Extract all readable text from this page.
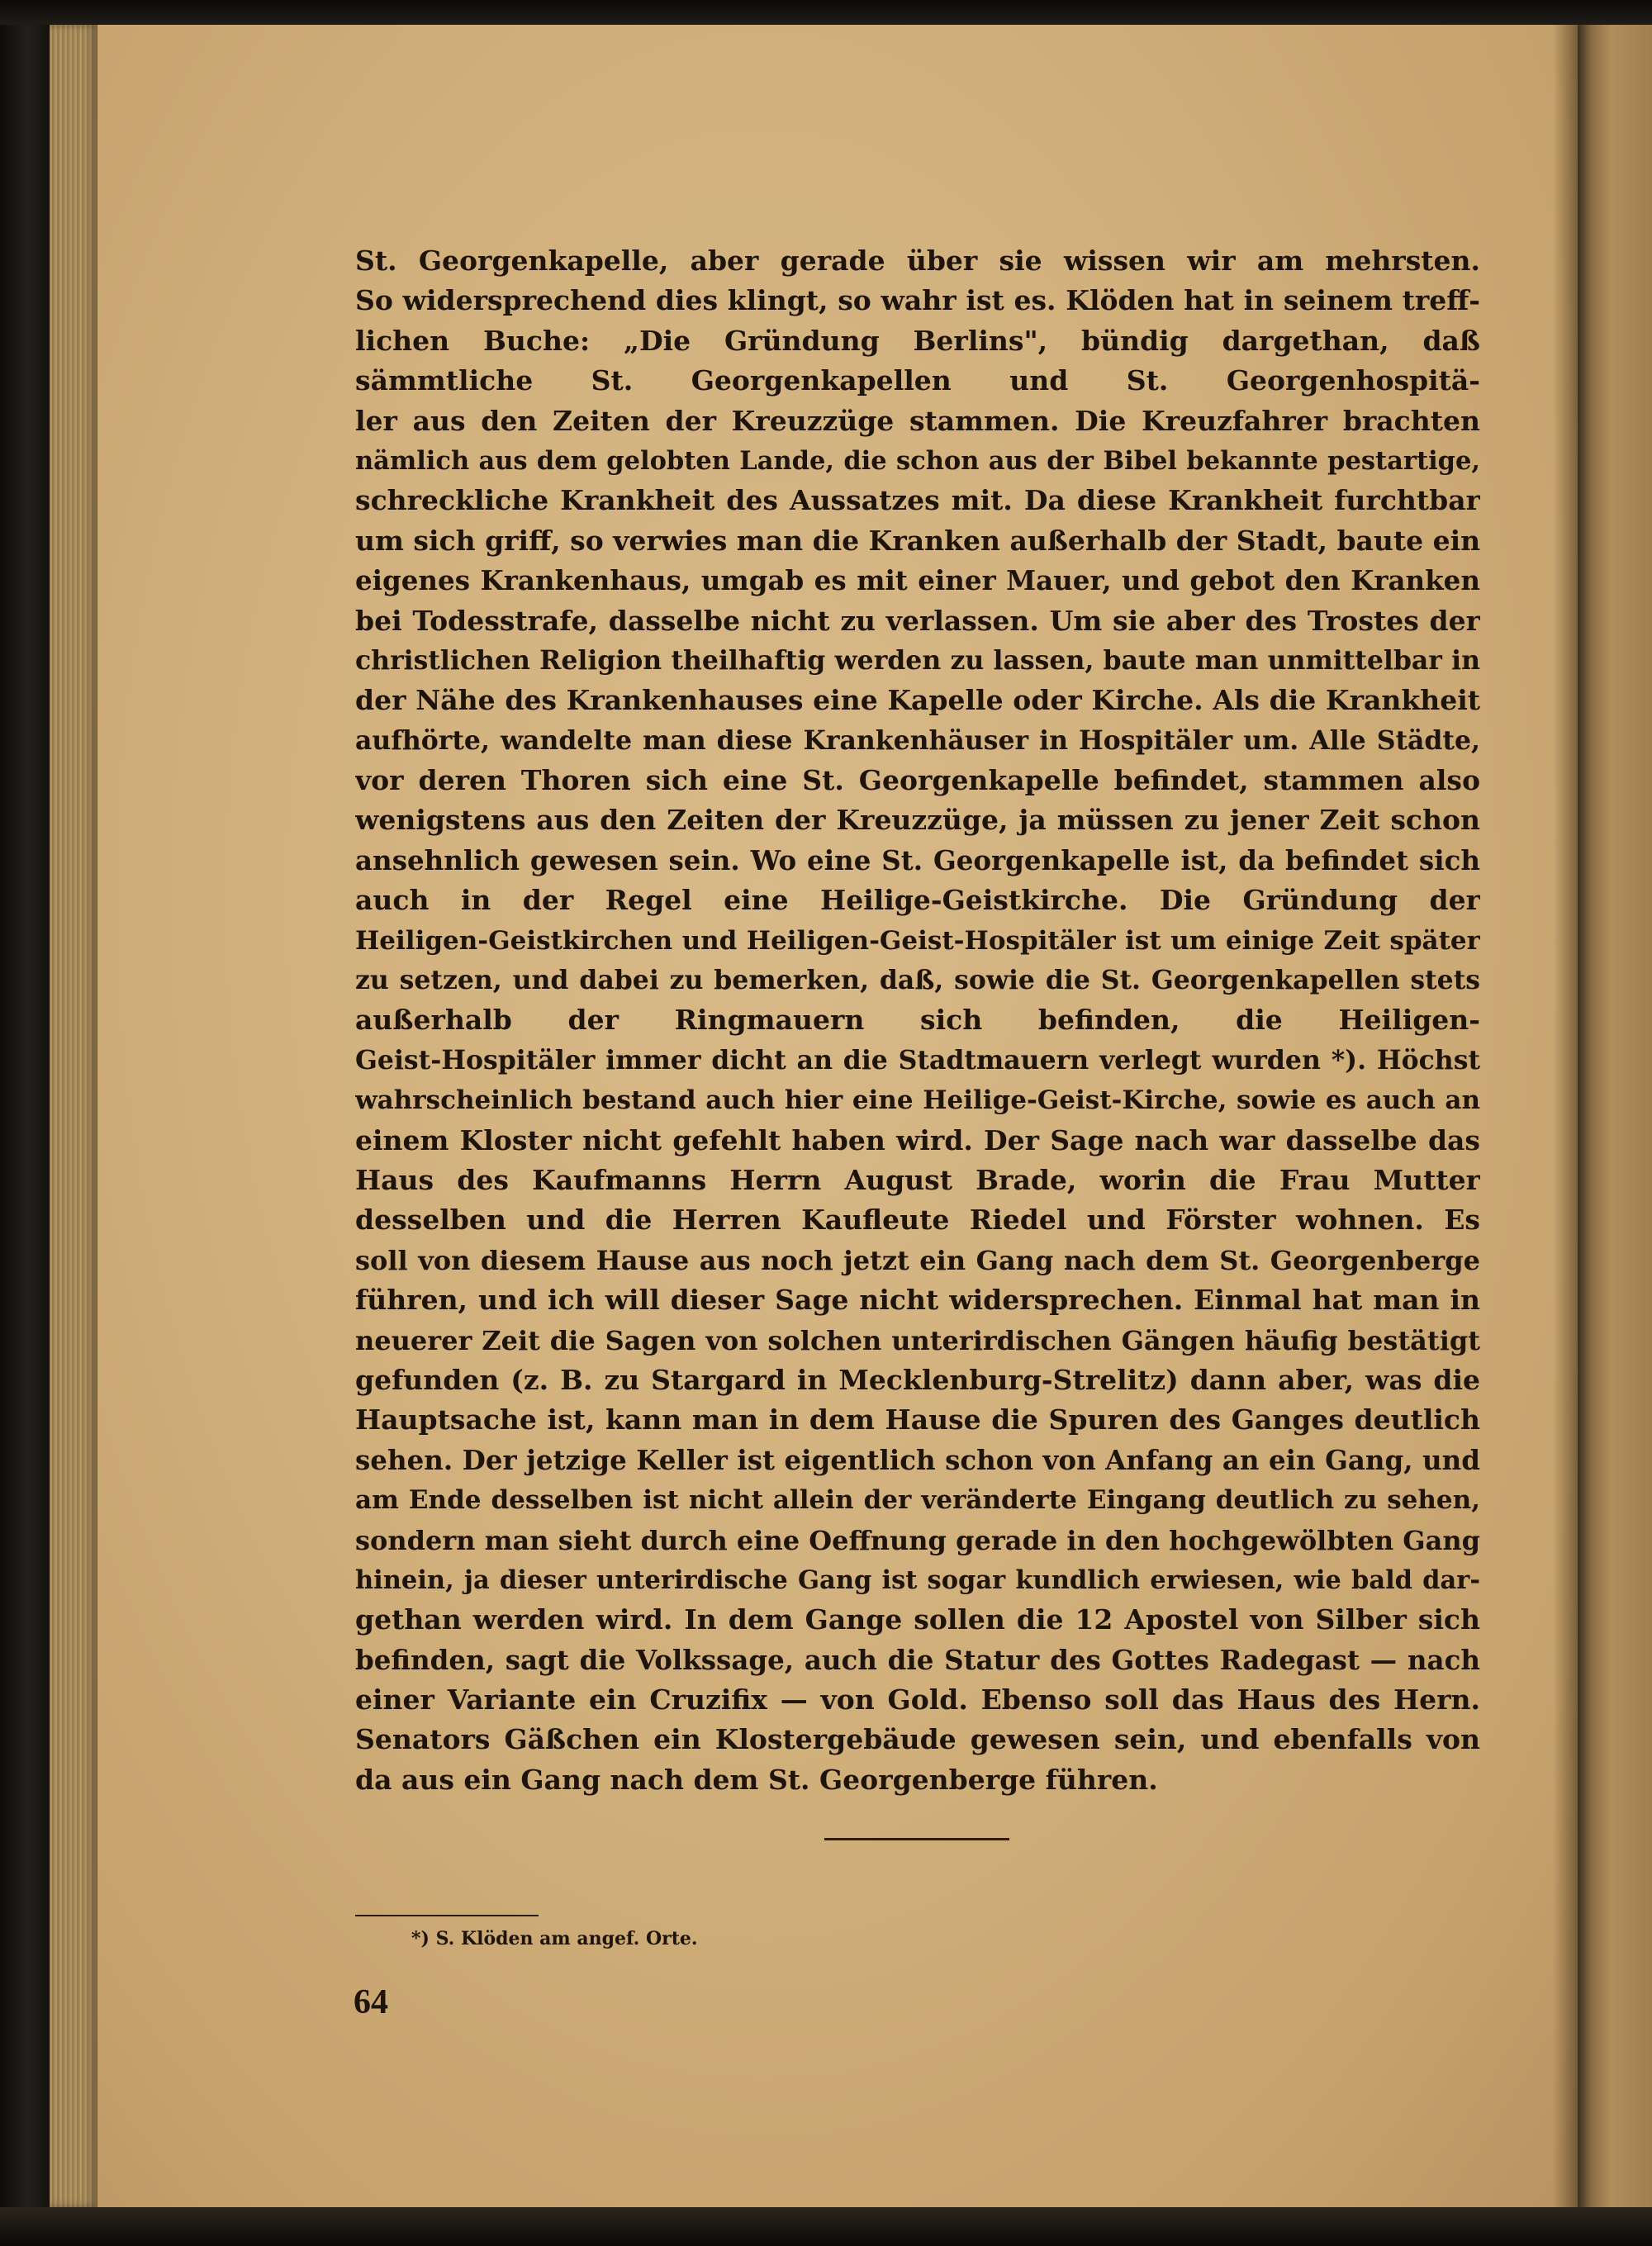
St. Georgenkapelle, aber gerade über sie wissen wir am mehrsten.
So widersprechend dies klingt, so wahr ist es. Klöden hat in seinem treff-
lichen Buche: „Die Gründung Berlins", bündig dargethan, daß
sämmtliche St. Georgenkapellen und St. Georgenhospitä-
ler aus den Zeiten der Kreuzzüge stammen. Die Kreuzfahrer brachten
nämlich aus dem gelobten Lande, die schon aus der Bibel bekannte pestartige,
schreckliche Krankheit des Aussatzes mit. Da diese Krankheit furchtbar
um sich griff, so verwies man die Kranken außerhalb der Stadt, baute ein
eigenes Krankenhaus, umgab es mit einer Mauer, und gebot den Kranken
bei Todesstrafe, dasselbe nicht zu verlassen. Um sie aber des Trostes der
christlichen Religion theilhaftig werden zu lassen, baute man unmittelbar in
der Nähe des Krankenhauses eine Kapelle oder Kirche. Als die Krankheit
aufhörte, wandelte man diese Krankenhäuser in Hospitäler um. Alle Städte,
vor deren Thoren sich eine St. Georgenkapelle befindet, stammen also
wenigstens aus den Zeiten der Kreuzzüge, ja müssen zu jener Zeit schon
ansehnlich gewesen sein. Wo eine St. Georgenkapelle ist, da befindet sich
auch in der Regel eine Heilige-Geistkirche. Die Gründung der
Heiligen-Geistkirchen und Heiligen-Geist-Hospitäler ist um einige Zeit später
zu setzen, und dabei zu bemerken, daß, sowie die St. Georgenkapellen stets
außerhalb der Ringmauern sich befinden, die Heiligen-
Geist-Hospitäler immer dicht an die Stadtmauern verlegt wurden *). Höchst
wahrscheinlich bestand auch hier eine Heilige-Geist-Kirche, sowie es auch an
einem Kloster nicht gefehlt haben wird. Der Sage nach war dasselbe das
Haus des Kaufmanns Herrn August Brade, worin die Frau Mutter
desselben und die Herren Kaufleute Riedel und Förster wohnen. Es
soll von diesem Hause aus noch jetzt ein Gang nach dem St. Georgenberge
führen, und ich will dieser Sage nicht widersprechen. Einmal hat man in
neuerer Zeit die Sagen von solchen unterirdischen Gängen häufig bestätigt
gefunden (z. B. zu Stargard in Mecklenburg-Strelitz) dann aber, was die
Hauptsache ist, kann man in dem Hause die Spuren des Ganges deutlich
sehen. Der jetzige Keller ist eigentlich schon von Anfang an ein Gang, und
am Ende desselben ist nicht allein der veränderte Eingang deutlich zu sehen,
sondern man sieht durch eine Oeffnung gerade in den hochgewölbten Gang
hinein, ja dieser unterirdische Gang ist sogar kundlich erwiesen, wie bald dar-
gethan werden wird. In dem Gange sollen die 12 Apostel von Silber sich
befinden, sagt die Volkssage, auch die Statur des Gottes Radegast — nach
einer Variante ein Cruzifix — von Gold. Ebenso soll das Haus des Hern.
Senators Gäßchen ein Klostergebäude gewesen sein, und ebenfalls von
da aus ein Gang nach dem St. Georgenberge führen.
*) S. Klöden am angef. Orte.
64
